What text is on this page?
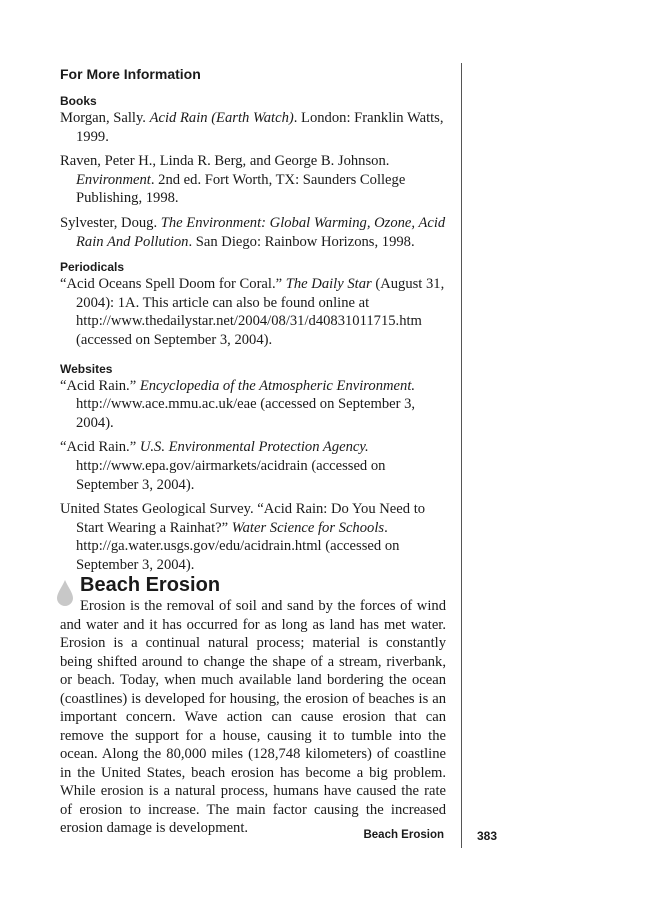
For More Information
Books
Morgan, Sally. Acid Rain (Earth Watch). London: Franklin Watts, 1999.
Raven, Peter H., Linda R. Berg, and George B. Johnson. Environment. 2nd ed. Fort Worth, TX: Saunders College Publishing, 1998.
Sylvester, Doug. The Environment: Global Warming, Ozone, Acid Rain And Pollution. San Diego: Rainbow Horizons, 1998.
Periodicals
“Acid Oceans Spell Doom for Coral.” The Daily Star (August 31, 2004): 1A. This article can also be found online at http://www.thedailystar.net/2004/08/31/d40831011715.htm (accessed on September 3, 2004).
Websites
“Acid Rain.” Encyclopedia of the Atmospheric Environment. http://www.ace.mmu.ac.uk/eae (accessed on September 3, 2004).
“Acid Rain.” U.S. Environmental Protection Agency. http://www.epa.gov/airmarkets/acidrain (accessed on September 3, 2004).
United States Geological Survey. “Acid Rain: Do You Need to Start Wearing a Rainhat?” Water Science for Schools. http://ga.water.usgs.gov/edu/acidrain.html (accessed on September 3, 2004).
Beach Erosion

Erosion is the removal of soil and sand by the forces of wind and water and it has occurred for as long as land has met water. Erosion is a continual natural process; material is constantly being shifted around to change the shape of a stream, riverbank, or beach. Today, when much available land bordering the ocean (coastlines) is developed for housing, the erosion of beaches is an important concern. Wave action can cause erosion that can remove the support for a house, causing it to tumble into the ocean. Along the 80,000 miles (128,748 kilometers) of coastline in the United States, beach erosion has become a big problem. While erosion is a natural process, humans have caused the rate of erosion to increase. The main factor causing the increased erosion damage is development.	Beach Erosion	383
